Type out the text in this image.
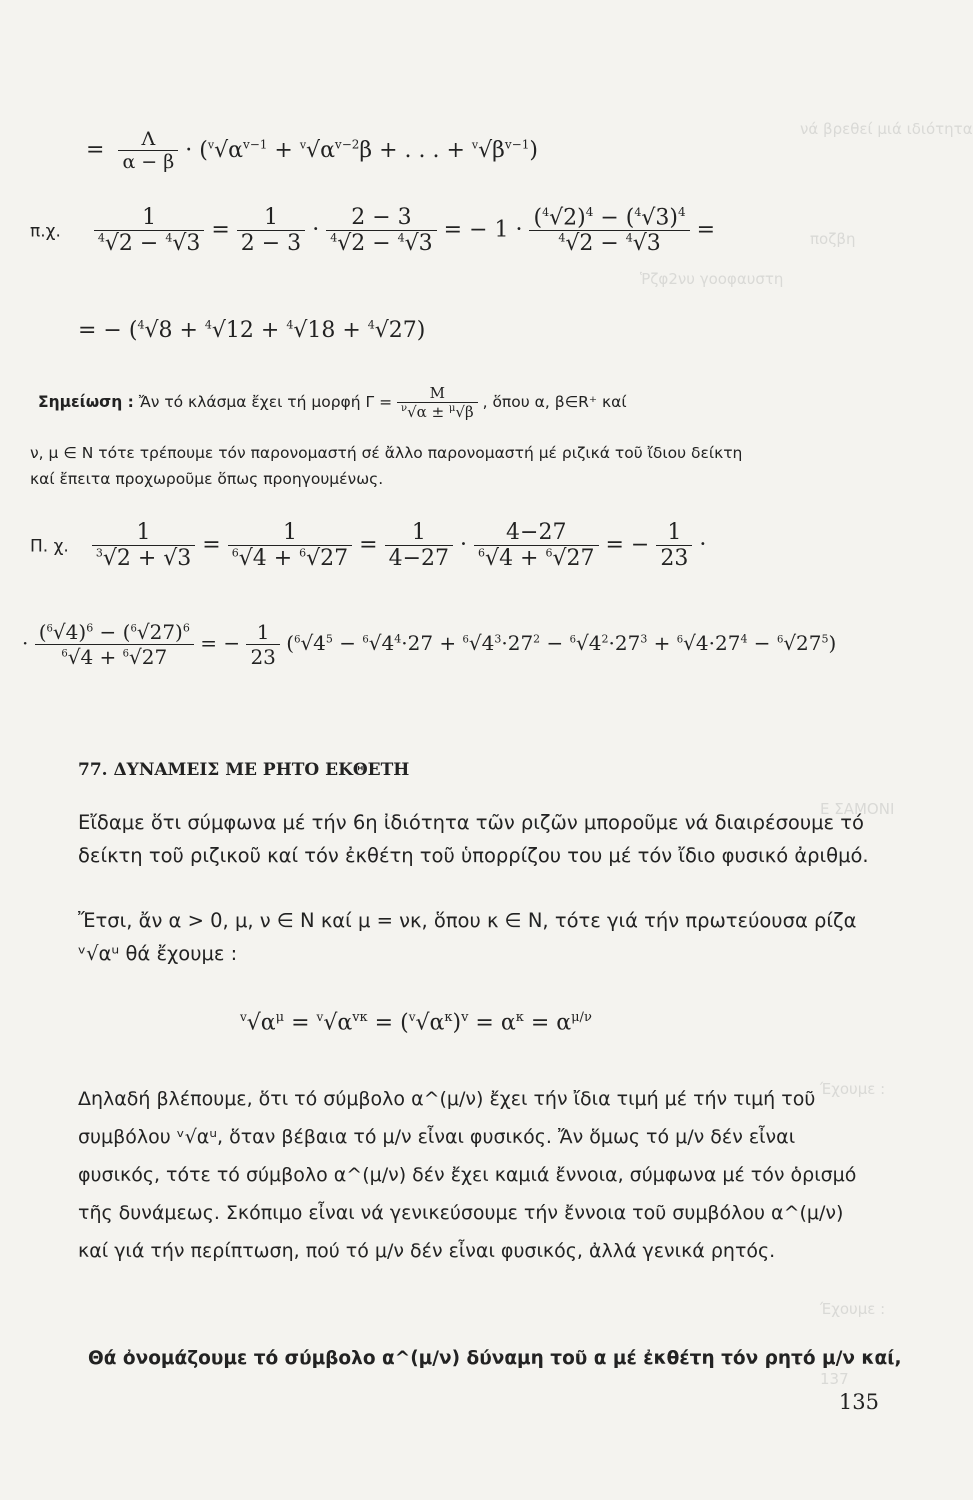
νά βρεθεί μιά ιδιότητα
ποζβη
Ῥζφ2νυ γοοφαυστη
Ε ΣΑΜΟΝΙ
Έχουμε :
Έχουμε :
137
= $\frac{\Lambda}{\alpha - \beta} \cdot (^v√\alpha^{v-1} + ^v√\alpha^{v-2}\beta$ + . . . + $^v√\beta^{v-1}$)
π.χ. $\frac{1}{^4√2 - ^4√3} = \frac{1}{2 - 3} \cdot \frac{2 - 3}{^4√2 - ^4√3}$ = − $1 \cdot \frac{(^4√2)^4 - (^4√3)^4}{^4√2 - ^4√3}$ =
= − ($^4$√8 + $^4$√12 + $^4$√18 + $^4$√27)
Σημείωση : Ἄν τό κλάσμα ἔχει τή μορφή $\Gamma = \frac{M}{^\nu√\alpha \pm ^\mu√\beta}$ , ὅπου α, β∈R⁺ καί
ν, μ ∈ N τότε τρέπουμε τόν παρονομαστή σέ ἄλλο παρονομαστή μέ ριζικά τοῦ ἴδιου δείκτη
καί ἔπειτα προχωροῦμε ὅπως προηγουμένως.
Π. χ. $\frac{1}{^3√2 + √3} = \frac{1}{^6√4 + ^6√27} = \frac{1}{4-27} \cdot \frac{4-27}{^6√4 + ^6√27}$ = − $\frac{1}{23}$ ·
· $\frac{(^6√4)^6 - (^6√27)^6}{^6√4 + ^6√27}$ = − $\frac{1}{23} (^6√4^5 - ^6√4^4\cdot 27 + ^6√4^3\cdot 27^2 - ^6√4^2\cdot 27^3 + ^6√4\cdot 27^4 - ^6√27^5)$
77. ΔΥΝΑΜΕΙΣ ΜΕ ΡΗΤΟ ΕΚΘΕΤΗ
Εἴδαμε ὅτι σύμφωνα μέ τήν 6η ἰδιότητα τῶν ριζῶν μποροῦμε νά διαιρέσουμε τό δείκτη τοῦ ριζικοῦ καί τόν ἐκθέτη τοῦ ὑπορρίζου του μέ τόν ἴδιο φυσικό ἀριθμό.
Ἔτσι, ἄν α > 0, μ, ν ∈ N καί μ = νκ, ὅπου κ ∈ N, τότε γιά τήν πρωτεύουσα ρίζα ᵛ√αᵘ θά ἔχουμε :
$^v√\alpha^\mu = ^v√\alpha^{v\kappa} = (^v√\alpha^\kappa)^v = \alpha^\kappa = \alpha^{\mu/\nu}$
Δηλαδή βλέπουμε, ὅτι τό σύμβολο α^(μ/ν) ἔχει τήν ἴδια τιμή μέ τήν τιμή τοῦ συμβόλου ᵛ√αᵘ, ὅταν βέβαια τό μ/ν εἶναι φυσικός. Ἄν ὅμως τό μ/ν δέν εἶναι φυσικός, τότε τό σύμβολο α^(μ/ν) δέν ἔχει καμιά ἔννοια, σύμφωνα μέ τόν ὁρισμό τῆς δυνάμεως. Σκόπιμο εἶναι νά γενικεύσουμε τήν ἔννοια τοῦ συμβόλου α^(μ/ν) καί γιά τήν περίπτωση, πού τό μ/ν δέν εἶναι φυσικός, ἀλλά γενικά ρητός.
Θά ὀνομάζουμε τό σύμβολο α^(μ/ν) δύναμη τοῦ α μέ ἐκθέτη τόν ρητό μ/ν καί,
135
